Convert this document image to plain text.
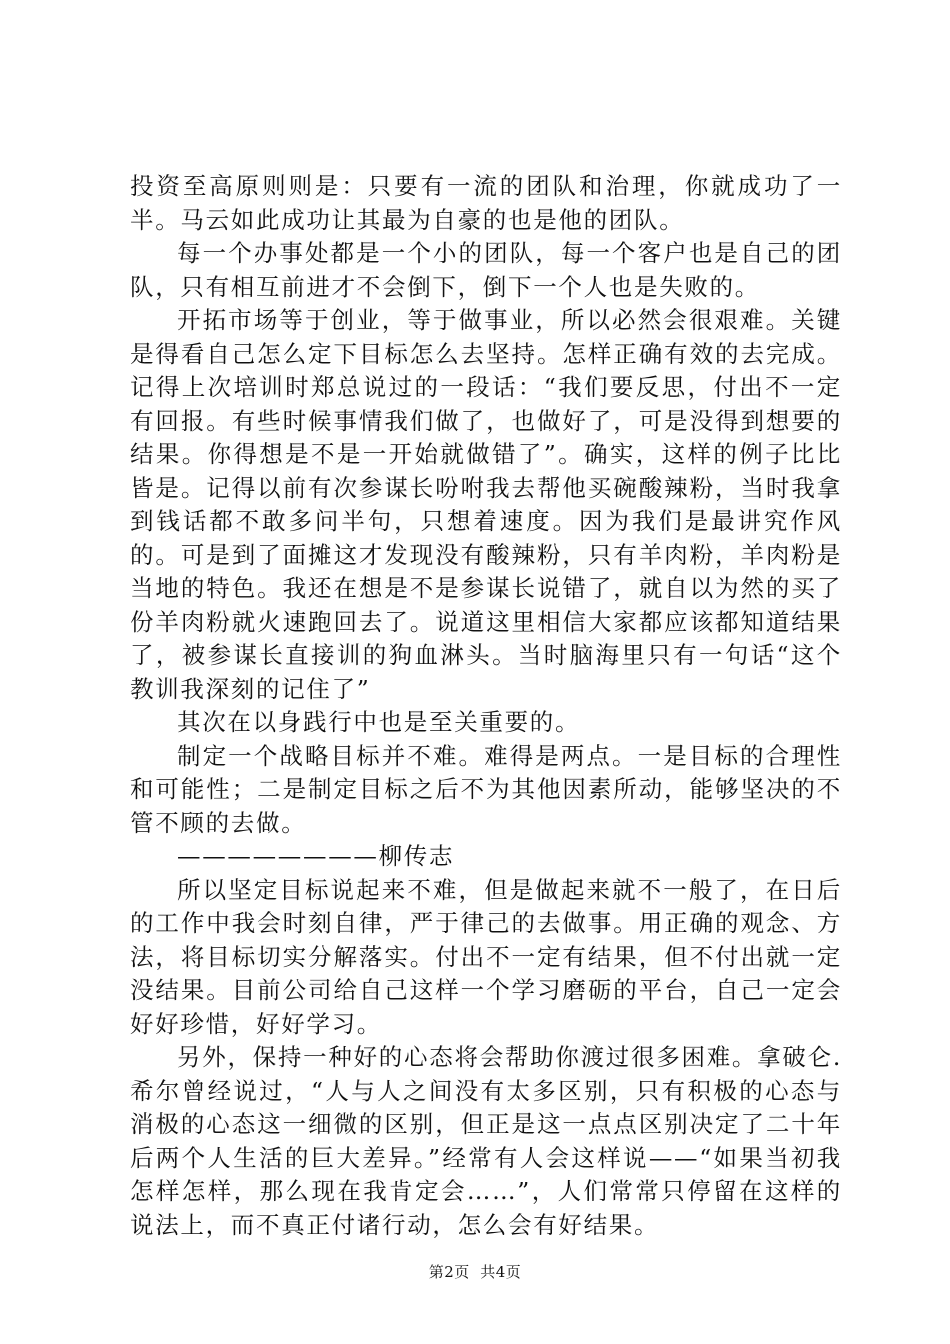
投资至高原则则是：只要有一流的团队和治理，你就成功了一半。马云如此成功让其最为自豪的也是他的团队。

每一个办事处都是一个小的团队，每一个客户也是自己的团队，只有相互前进才不会倒下，倒下一个人也是失败的。

开拓市场等于创业，等于做事业，所以必然会很艰难。关键是得看自己怎么定下目标怎么去坚持。怎样正确有效的去完成。记得上次培训时郑总说过的一段话：“我们要反思，付出不一定有回报。有些时候事情我们做了，也做好了，可是没得到想要的结果。你得想是不是一开始就做错了”。确实，这样的例子比比皆是。记得以前有次参谋长吩咐我去帮他买碗酸辣粉，当时我拿到钱话都不敢多问半句，只想着速度。因为我们是最讲究作风的。可是到了面摊这才发现没有酸辣粉，只有羊肉粉，羊肉粉是当地的特色。我还在想是不是参谋长说错了，就自以为然的买了份羊肉粉就火速跑回去了。说道这里相信大家都应该都知道结果了，被参谋长直接训的狗血淋头。当时脑海里只有一句话“这个教训我深刻的记住了”

其次在以身践行中也是至关重要的。

制定一个战略目标并不难。难得是两点。一是目标的合理性和可能性；二是制定目标之后不为其他因素所动，能够坚决的不管不顾的去做。

————————柳传志

所以坚定目标说起来不难，但是做起来就不一般了，在日后的工作中我会时刻自律，严于律己的去做事。用正确的观念、方法，将目标切实分解落实。付出不一定有结果，但不付出就一定没结果。目前公司给自己这样一个学习磨砺的平台，自己一定会好好珍惜，好好学习。

另外，保持一种好的心态将会帮助你渡过很多困难。拿破仑.希尔曾经说过，“人与人之间没有太多区别，只有积极的心态与消极的心态这一细微的区别，但正是这一点点区别决定了二十年后两个人生活的巨大差异。”经常有人会这样说——“如果当初我怎样怎样，那么现在我肯定会……”，人们常常只停留在这样的说法上，而不真正付诸行动，怎么会有好结果。

第2页  共4页
